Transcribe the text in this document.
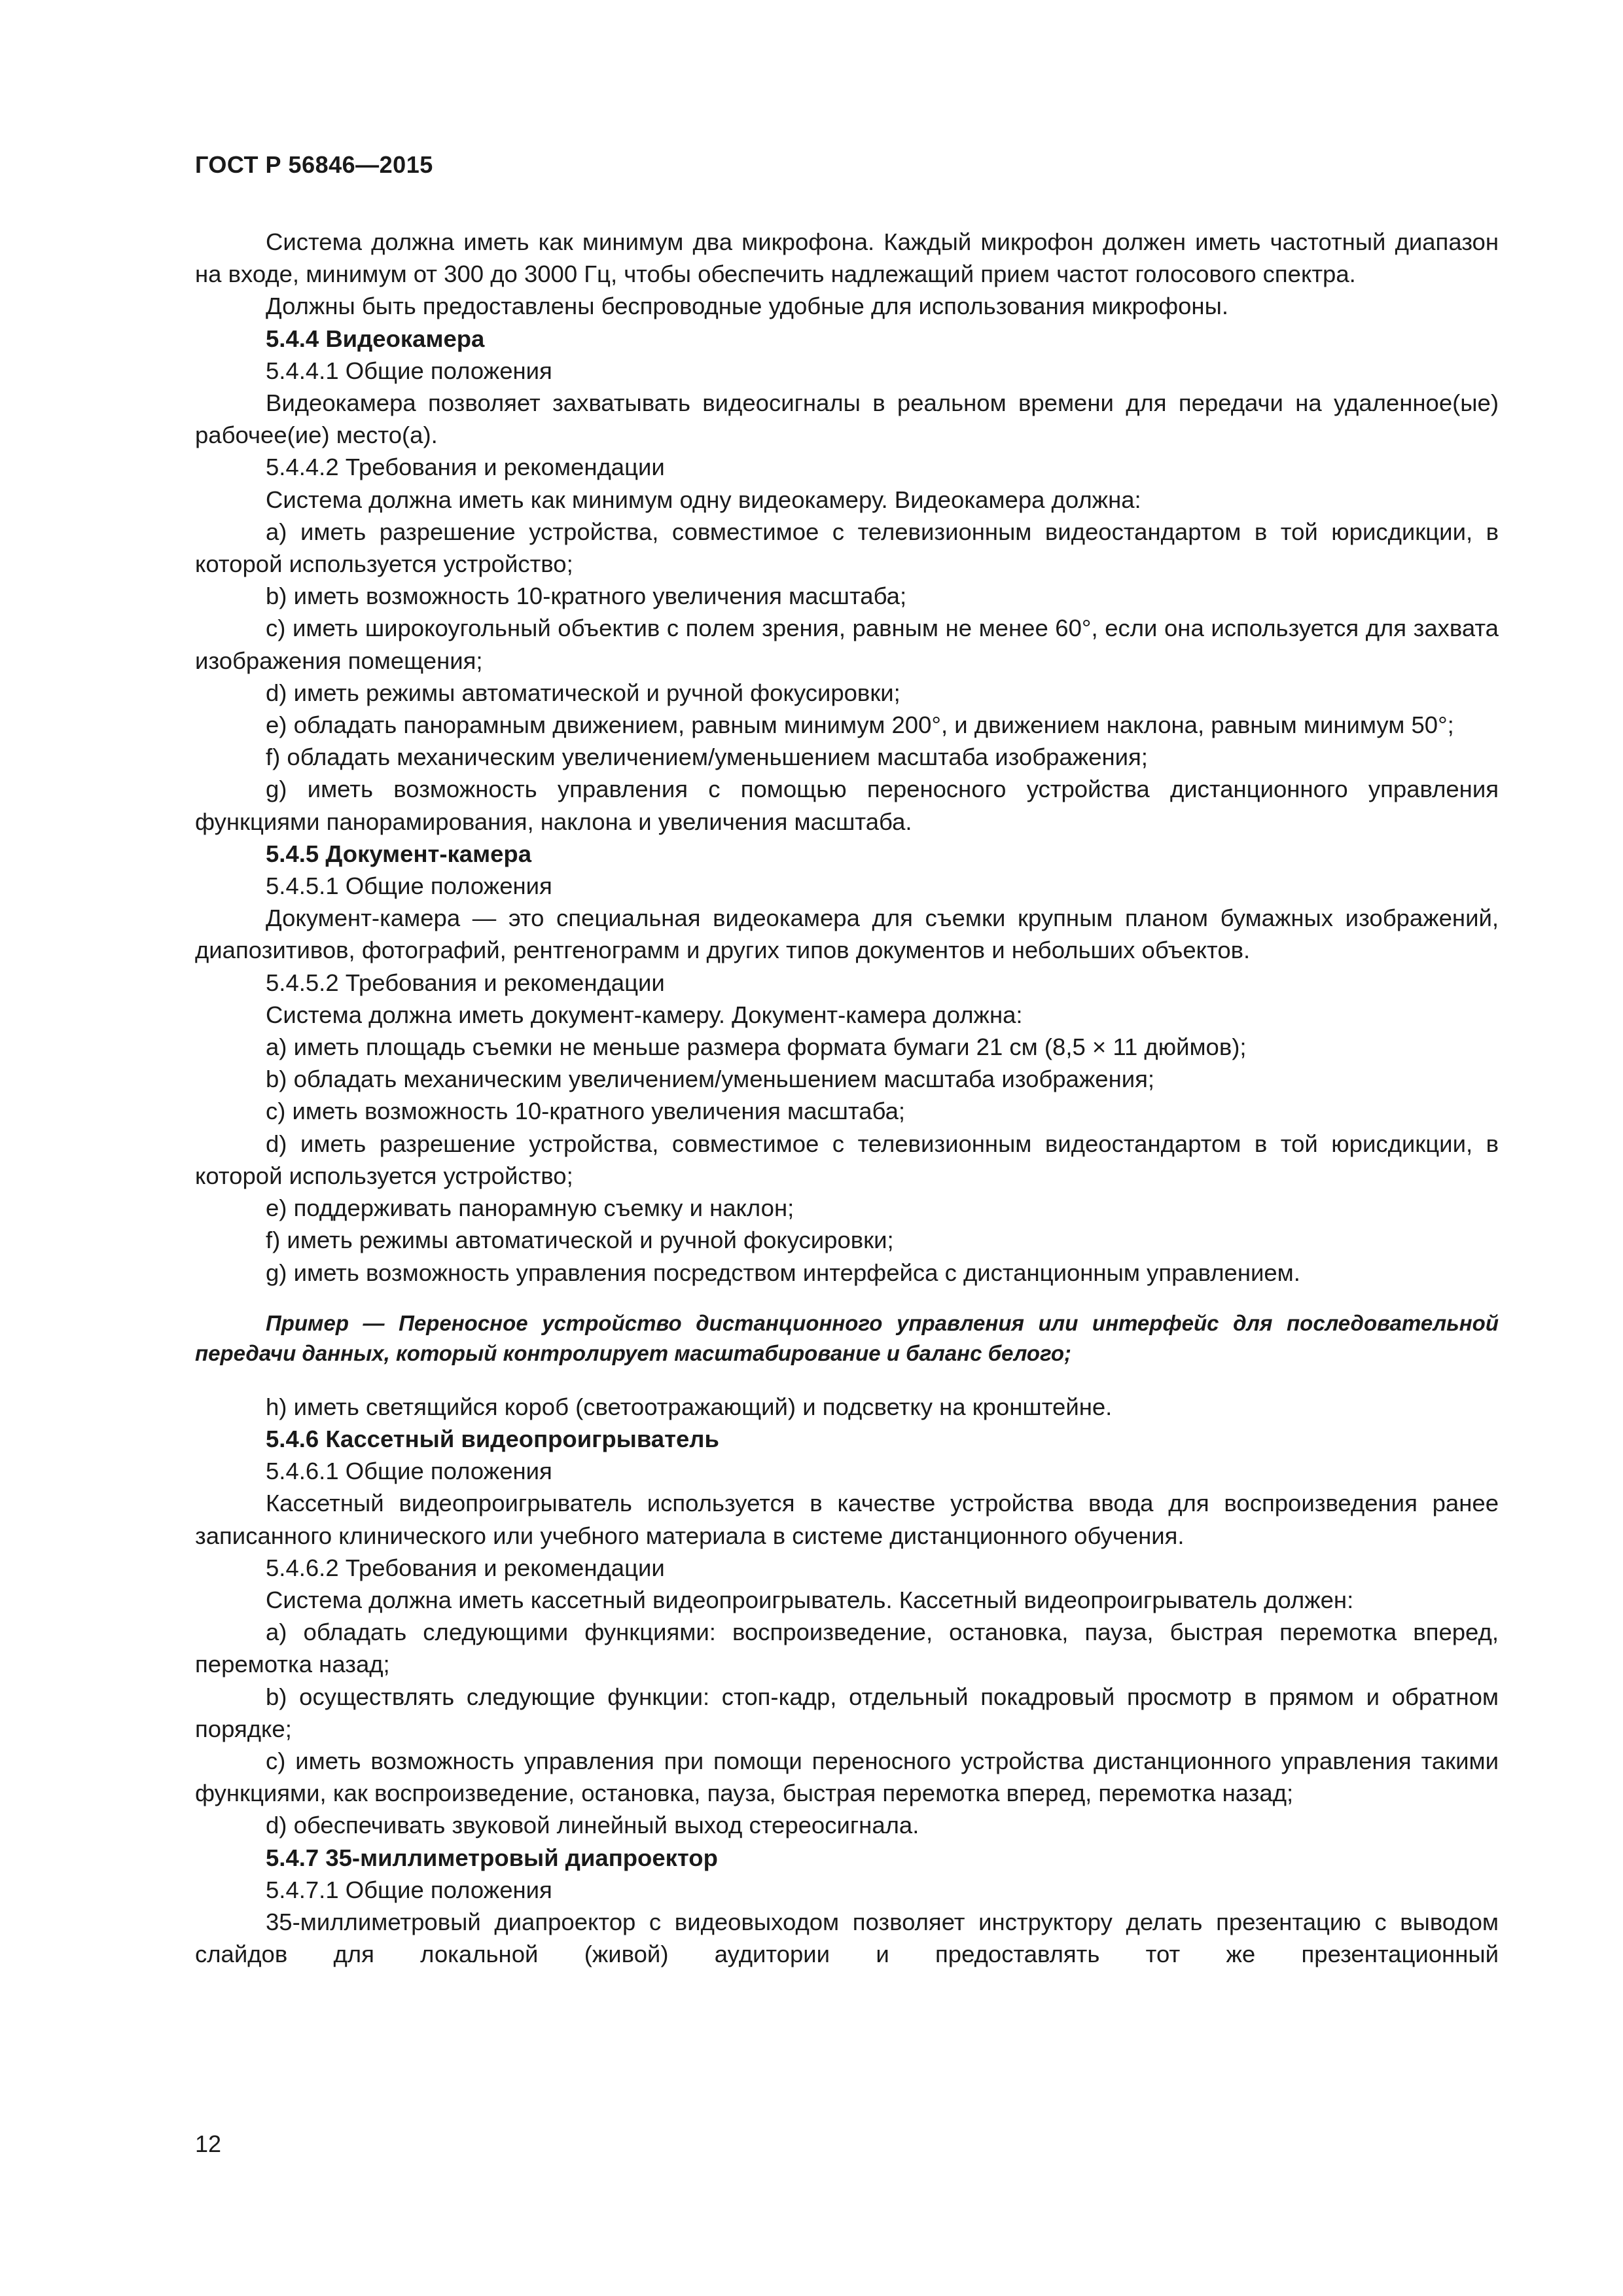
ГОСТ Р 56846—2015

Система должна иметь как минимум два микрофона. Каждый микрофон должен иметь частотный диапазон на входе, минимум от 300 до 3000 Гц, чтобы обеспечить надлежащий прием частот голосового спектра.

Должны быть предоставлены беспроводные удобные для использования микрофоны.

5.4.4 Видеокамера

5.4.4.1 Общие положения

Видеокамера позволяет захватывать видеосигналы в реальном времени для передачи на удаленное(ые) рабочее(ие) место(а).

5.4.4.2 Требования и рекомендации

Система должна иметь как минимум одну видеокамеру. Видеокамера должна:

а) иметь разрешение устройства, совместимое с телевизионным видеостандартом в той юрисдикции, в которой используется устройство;

b) иметь возможность 10-кратного увеличения масштаба;

c) иметь широкоугольный объектив с полем зрения, равным не менее 60°, если она используется для захвата изображения помещения;

d) иметь режимы автоматической и ручной фокусировки;

e) обладать панорамным движением, равным минимум 200°, и движением наклона, равным минимум 50°;

f) обладать механическим увеличением/уменьшением масштаба изображения;

g) иметь возможность управления с помощью переносного устройства дистанционного управления функциями панорамирования, наклона и увеличения масштаба.

5.4.5 Документ-камера

5.4.5.1 Общие положения

Документ-камера — это специальная видеокамера для съемки крупным планом бумажных изображений, диапозитивов, фотографий, рентгенограмм и других типов документов и небольших объектов.

5.4.5.2 Требования и рекомендации

Система должна иметь документ-камеру. Документ-камера должна:

а) иметь площадь съемки не меньше размера формата бумаги 21 см (8,5 × 11 дюймов);

b) обладать механическим увеличением/уменьшением масштаба изображения;

c) иметь возможность 10-кратного увеличения масштаба;

d) иметь разрешение устройства, совместимое с телевизионным видеостандартом в той юрисдикции, в которой используется устройство;

e) поддерживать панорамную съемку и наклон;

f) иметь режимы автоматической и ручной фокусировки;

g) иметь возможность управления посредством интерфейса с дистанционным управлением.

Пример — Переносное устройство дистанционного управления или интерфейс для последовательной передачи данных, который контролирует масштабирование и баланс белого;

h) иметь светящийся короб (светоотражающий) и подсветку на кронштейне.

5.4.6 Кассетный видеопроигрыватель

5.4.6.1 Общие положения

Кассетный видеопроигрыватель используется в качестве устройства ввода для воспроизведения ранее записанного клинического или учебного материала в системе дистанционного обучения.

5.4.6.2 Требования и рекомендации

Система должна иметь кассетный видеопроигрыватель. Кассетный видеопроигрыватель должен:

а) обладать следующими функциями: воспроизведение, остановка, пауза, быстрая перемотка вперед, перемотка назад;

b) осуществлять следующие функции: стоп-кадр, отдельный покадровый просмотр в прямом и обратном порядке;

c) иметь возможность управления при помощи переносного устройства дистанционного управления такими функциями, как воспроизведение, остановка, пауза, быстрая перемотка вперед, перемотка назад;

d) обеспечивать звуковой линейный выход стереосигнала.

5.4.7 35-миллиметровый диапроектор

5.4.7.1 Общие положения

35-миллиметровый диапроектор с видеовыходом позволяет инструктору делать презентацию с выводом слайдов для локальной (живой) аудитории и предоставлять тот же презентационный

12
